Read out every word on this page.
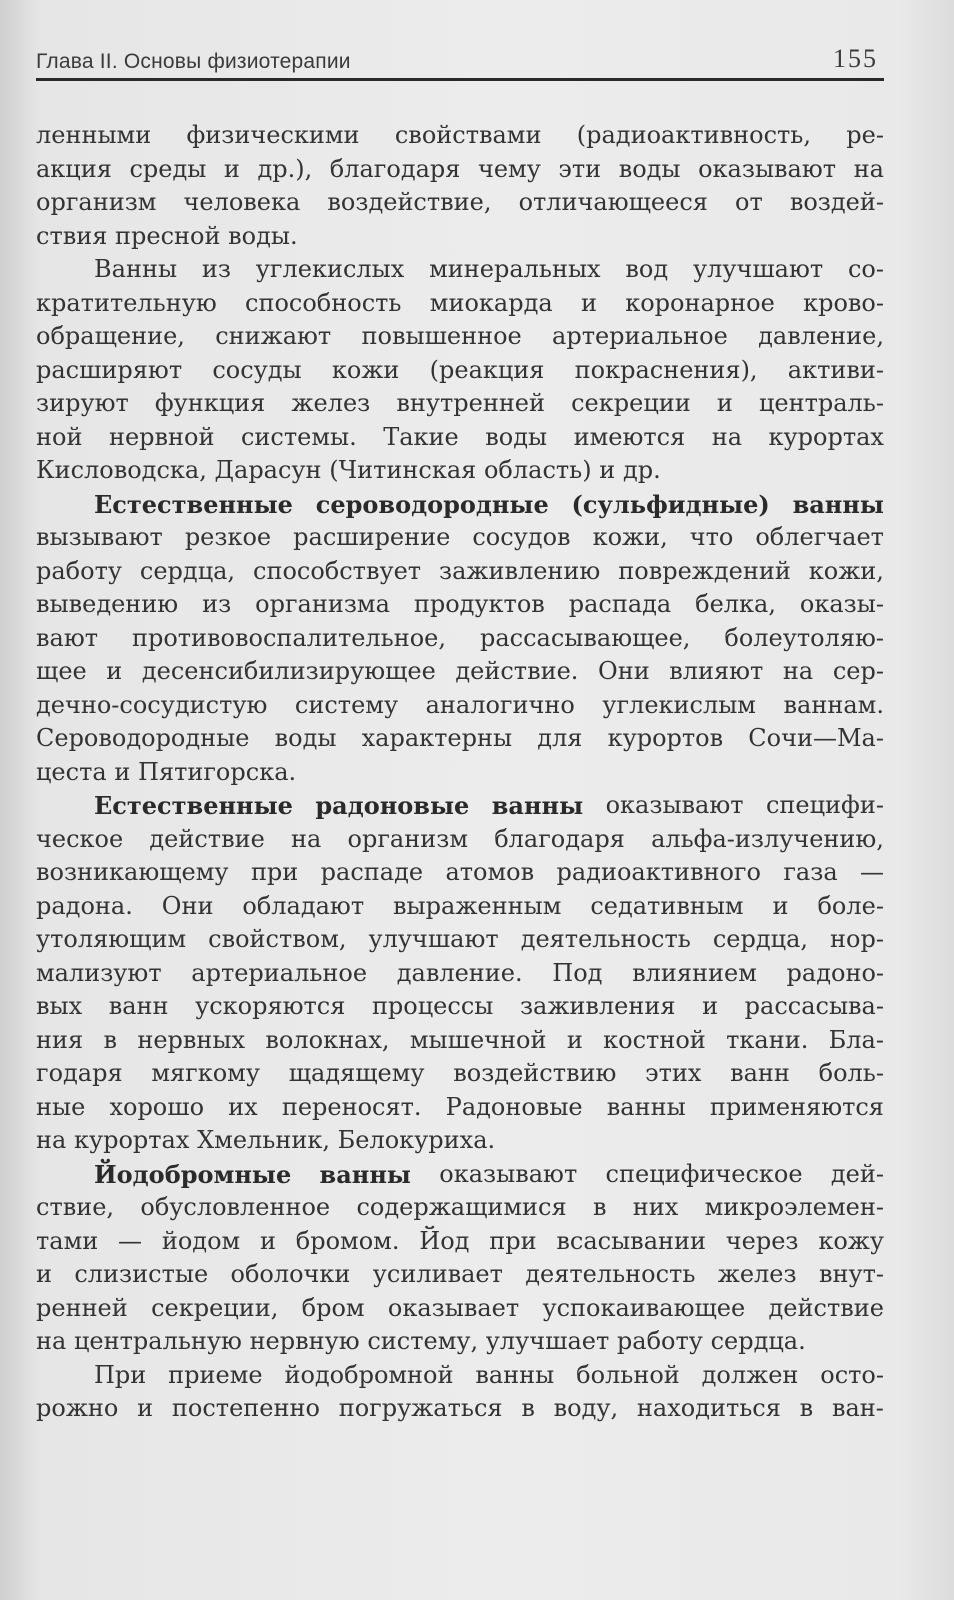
Глава II. Основы физиотерапии	155
ленными физическими свойствами (радиоактивность, ре-
акция среды и др.), благодаря чему эти воды оказывают на
организм человека воздействие, отличающееся от воздей-
ствия пресной воды.
Ванны из углекислых минеральных вод улучшают со-
кратительную способность миокарда и коронарное крово-
обращение, снижают повышенное артериальное давление,
расширяют сосуды кожи (реакция покраснения), активи-
зируют функция желез внутренней секреции и централь-
ной нервной системы. Такие воды имеются на курортах
Кисловодска, Дарасун (Читинская область) и др.
Естественные сероводородные (сульфидные) ванны
вызывают резкое расширение сосудов кожи, что облегчает
работу сердца, способствует заживлению повреждений кожи,
выведению из организма продуктов распада белка, оказы-
вают противовоспалительное, рассасывающее, болеутоляю-
щее и десенсибилизирующее действие. Они влияют на сер-
дечно-сосудистую систему аналогично углекислым ваннам.
Сероводородные воды характерны для курортов Сочи—Ма-
цеста и Пятигорска.
Естественные радоновые ванны оказывают специфи-
ческое действие на организм благодаря альфа-излучению,
возникающему при распаде атомов радиоактивного газа —
радона. Они обладают выраженным седативным и боле-
утоляющим свойством, улучшают деятельность сердца, нор-
мализуют артериальное давление. Под влиянием радоно-
вых ванн ускоряются процессы заживления и рассасыва-
ния в нервных волокнах, мышечной и костной ткани. Бла-
годаря мягкому щадящему воздействию этих ванн боль-
ные хорошо их переносят. Радоновые ванны применяются
на курортах Хмельник, Белокуриха.
Йодобромные ванны оказывают специфическое дей-
ствие, обусловленное содержащимися в них микроэлемен-
тами — йодом и бромом. Йод при всасывании через кожу
и слизистые оболочки усиливает деятельность желез внут-
ренней секреции, бром оказывает успокаивающее действие
на центральную нервную систему, улучшает работу сердца.
При приеме йодобромной ванны больной должен осто-
рожно и постепенно погружаться в воду, находиться в ван-
